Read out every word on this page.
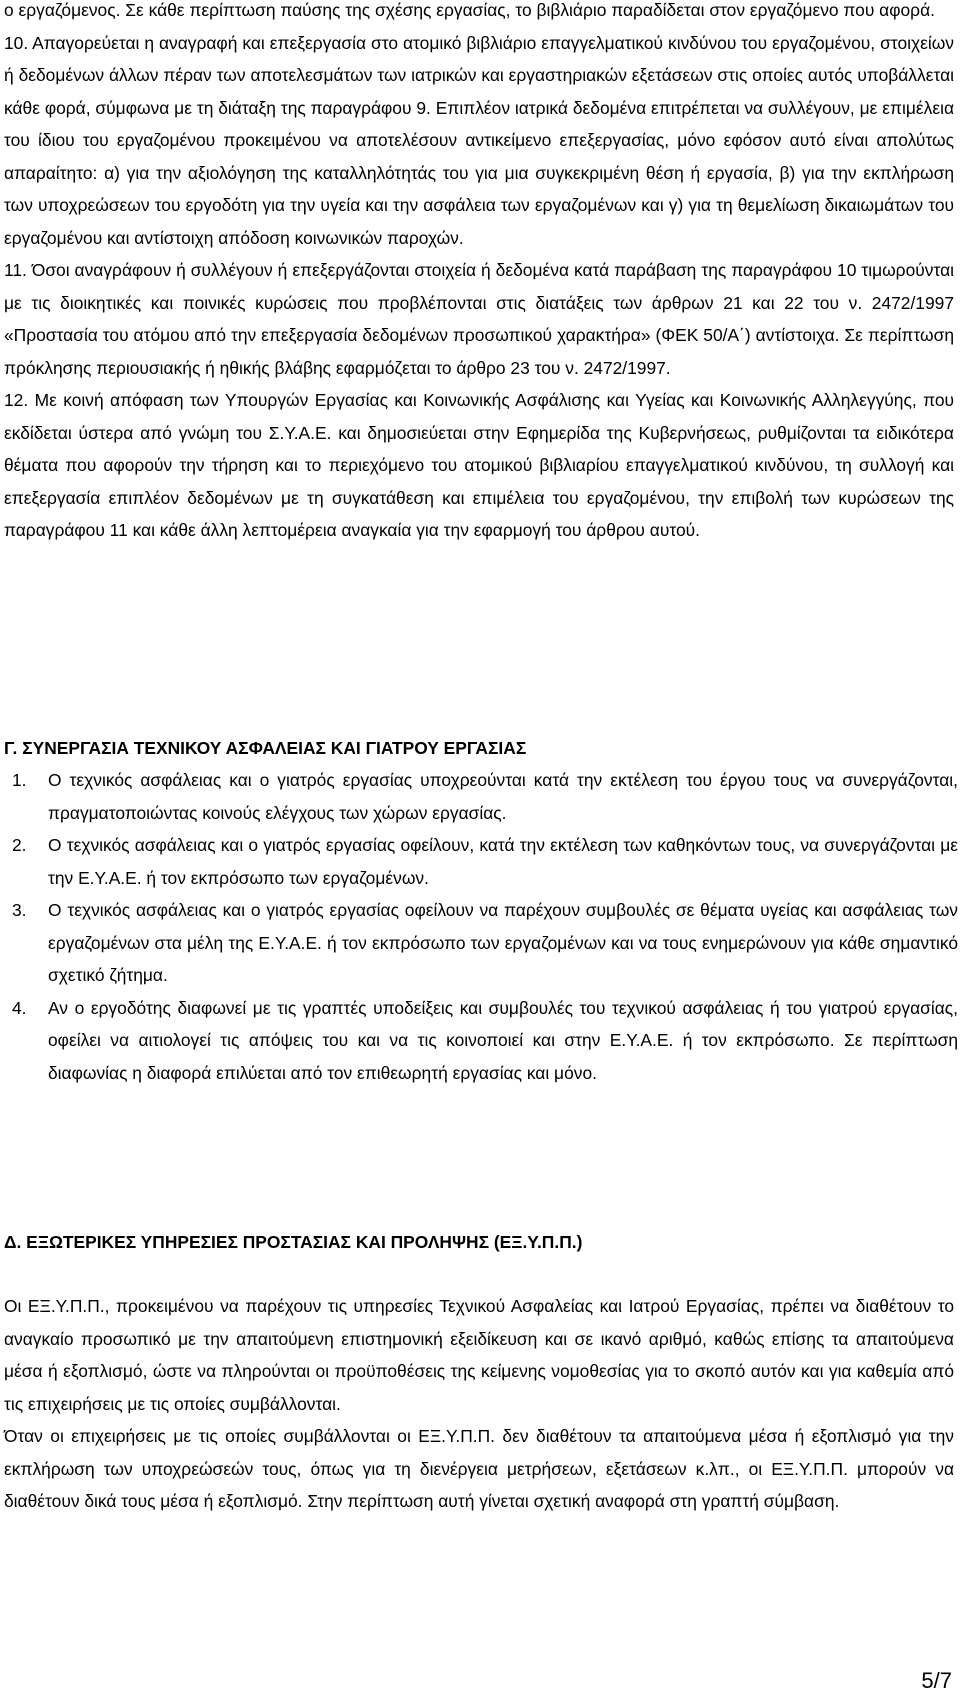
ο εργαζόμενος. Σε κάθε περίπτωση παύσης της σχέσης εργασίας, το βιβλιάριο παραδίδεται στον εργαζόμενο που αφορά.
10. Απαγορεύεται η αναγραφή και επεξεργασία στο ατομικό βιβλιάριο επαγγελματικού κινδύνου του εργαζομένου, στοιχείων ή δεδομένων άλλων πέραν των αποτελεσμάτων των ιατρικών και εργαστηριακών εξετάσεων στις οποίες αυτός υποβάλλεται κάθε φορά, σύμφωνα με τη διάταξη της παραγράφου 9. Επιπλέον ιατρικά δεδομένα επιτρέπεται να συλλέγουν, με επιμέλεια του ίδιου του εργαζομένου προκειμένου να αποτελέσουν αντικείμενο επεξεργασίας, μόνο εφόσον αυτό είναι απολύτως απαραίτητο: α) για την αξιολόγηση της καταλληλότητάς του για μια συγκεκριμένη θέση ή εργασία, β) για την εκπλήρωση των υποχρεώσεων του εργοδότη για την υγεία και την ασφάλεια των εργαζομένων και γ) για τη θεμελίωση δικαιωμάτων του εργαζομένου και αντίστοιχη απόδοση κοινωνικών παροχών.
11. Όσοι αναγράφουν ή συλλέγουν ή επεξεργάζονται στοιχεία ή δεδομένα κατά παράβαση της παραγράφου 10 τιμωρούνται με τις διοικητικές και ποινικές κυρώσεις που προβλέπονται στις διατάξεις των άρθρων 21 και 22 του ν. 2472/1997 «Προστασία του ατόμου από την επεξεργασία δεδομένων προσωπικού χαρακτήρα» (ΦΕΚ 50/Α΄) αντίστοιχα. Σε περίπτωση πρόκλησης περιουσιακής ή ηθικής βλάβης εφαρμόζεται το άρθρο 23 του ν. 2472/1997.
12. Με κοινή απόφαση των Υπουργών Εργασίας και Κοινωνικής Ασφάλισης και Υγείας και Κοινωνικής Αλληλεγγύης, που εκδίδεται ύστερα από γνώμη του Σ.Υ.Α.Ε. και δημοσιεύεται στην Εφημερίδα της Κυβερνήσεως, ρυθμίζονται τα ειδικότερα θέματα που αφορούν την τήρηση και το περιεχόμενο του ατομικού βιβλιαρίου επαγγελματικού κινδύνου, τη συλλογή και επεξεργασία επιπλέον δεδομένων με τη συγκατάθεση και επιμέλεια του εργαζομένου, την επιβολή των κυρώσεων της παραγράφου 11 και κάθε άλλη λεπτομέρεια αναγκαία για την εφαρμογή του άρθρου αυτού.
Γ. ΣΥΝΕΡΓΑΣΙΑ ΤΕΧΝΙΚΟΥ ΑΣΦΑΛΕΙΑΣ ΚΑΙ ΓΙΑΤΡΟΥ ΕΡΓΑΣΙΑΣ
1. Ο τεχνικός ασφάλειας και ο γιατρός εργασίας υποχρεούνται κατά την εκτέλεση του έργου τους να συνεργάζονται, πραγματοποιώντας κοινούς ελέγχους των χώρων εργασίας.
2. Ο τεχνικός ασφάλειας και ο γιατρός εργασίας οφείλουν, κατά την εκτέλεση των καθηκόντων τους, να συνεργάζονται με την Ε.Υ.Α.Ε. ή τον εκπρόσωπο των εργαζομένων.
3. Ο τεχνικός ασφάλειας και ο γιατρός εργασίας οφείλουν να παρέχουν συμβουλές σε θέματα υγείας και ασφάλειας των εργαζομένων στα μέλη της Ε.Υ.Α.Ε. ή τον εκπρόσωπο των εργαζομένων και να τους ενημερώνουν για κάθε σημαντικό σχετικό ζήτημα.
4. Αν ο εργοδότης διαφωνεί με τις γραπτές υποδείξεις και συμβουλές του τεχνικού ασφάλειας ή του γιατρού εργασίας, οφείλει να αιτιολογεί τις απόψεις του και να τις κοινοποιεί και στην Ε.Υ.Α.Ε. ή τον εκπρόσωπο. Σε περίπτωση διαφωνίας η διαφορά επιλύεται από τον επιθεωρητή εργασίας και μόνο.
Δ. ΕΞΩΤΕΡΙΚΕΣ ΥΠΗΡΕΣΙΕΣ ΠΡΟΣΤΑΣΙΑΣ ΚΑΙ ΠΡΟΛΗΨΗΣ (ΕΞ.Υ.Π.Π.)
Οι ΕΞ.Υ.Π.Π., προκειμένου να παρέχουν τις υπηρεσίες Τεχνικού Ασφαλείας και Ιατρού Εργασίας, πρέπει να διαθέτουν το αναγκαίο προσωπικό με την απαιτούμενη επιστημονική εξειδίκευση και σε ικανό αριθμό, καθώς επίσης τα απαιτούμενα μέσα ή εξοπλισμό, ώστε να πληρούνται οι προϋποθέσεις της κείμενης νομοθεσίας για το σκοπό αυτόν και για καθεμία από τις επιχειρήσεις με τις οποίες συμβάλλονται.
Όταν οι επιχειρήσεις με τις οποίες συμβάλλονται οι ΕΞ.Υ.Π.Π. δεν διαθέτουν τα απαιτούμενα μέσα ή εξοπλισμό για την εκπλήρωση των υποχρεώσεών τους, όπως για τη διενέργεια μετρήσεων, εξετάσεων κ.λπ., οι ΕΞ.Υ.Π.Π. μπορούν να διαθέτουν δικά τους μέσα ή εξοπλισμό. Στην περίπτωση αυτή γίνεται σχετική αναφορά στη γραπτή σύμβαση.
5/7
